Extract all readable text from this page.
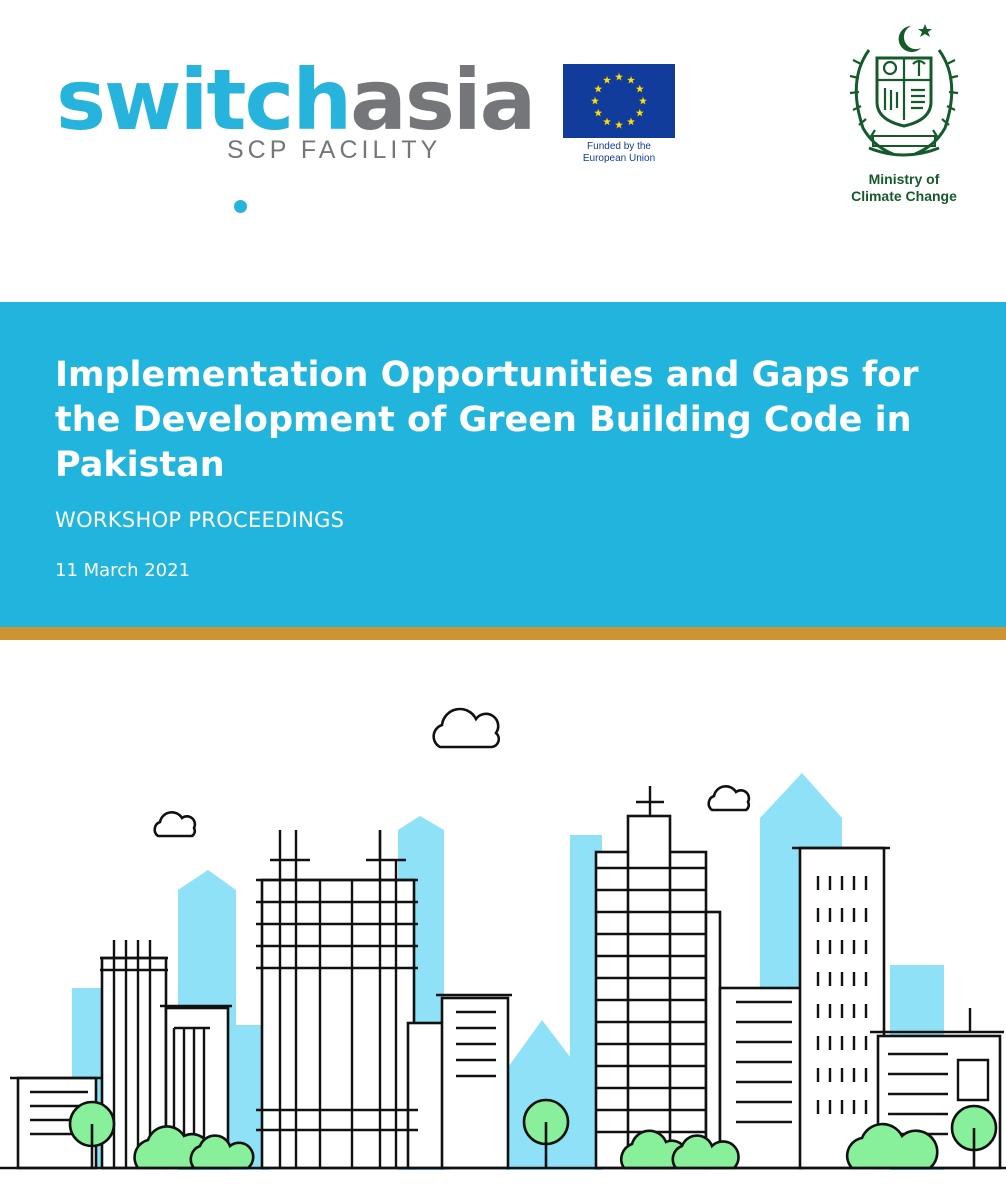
switchasia
SCP FACILITY	Funded by the
European Union
Ministry of
Climate Change
Implementation Opportunities and Gaps for the Development of Green Building Code in Pakistan
WORKSHOP PROCEEDINGS
11 March 2021
